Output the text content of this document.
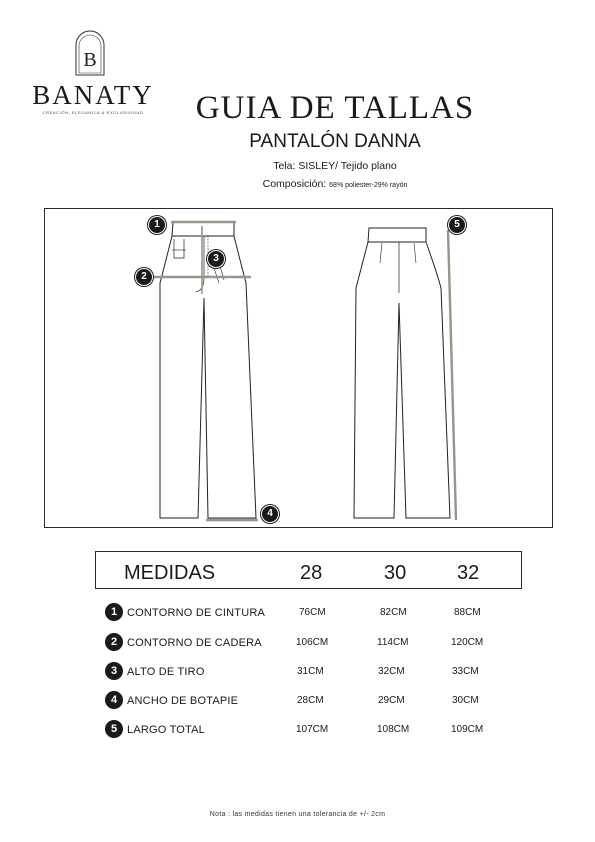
B
BANATY
CREACIÓN, ELEGANCIA & EXCLUSIVIDAD	GUIA DE TALLAS
PANTALÓN DANNA
Tela: SISLEY/ Tejido plano
Composición: 68% poliester-29% rayón
1
2
3
4
5
MEDIDAS	28	30	32
1 CONTORNO DE CINTURA	76CM	82CM	88CM
2 CONTORNO DE CADERA	106CM	114CM	120CM
3 ALTO DE TIRO	31CM	32CM	33CM
4 ANCHO DE BOTAPIE	28CM	29CM	30CM
5 LARGO TOTAL	107CM	108CM	109CM
Nota : las medidas tienen una tolerancia de +/- 2cm
